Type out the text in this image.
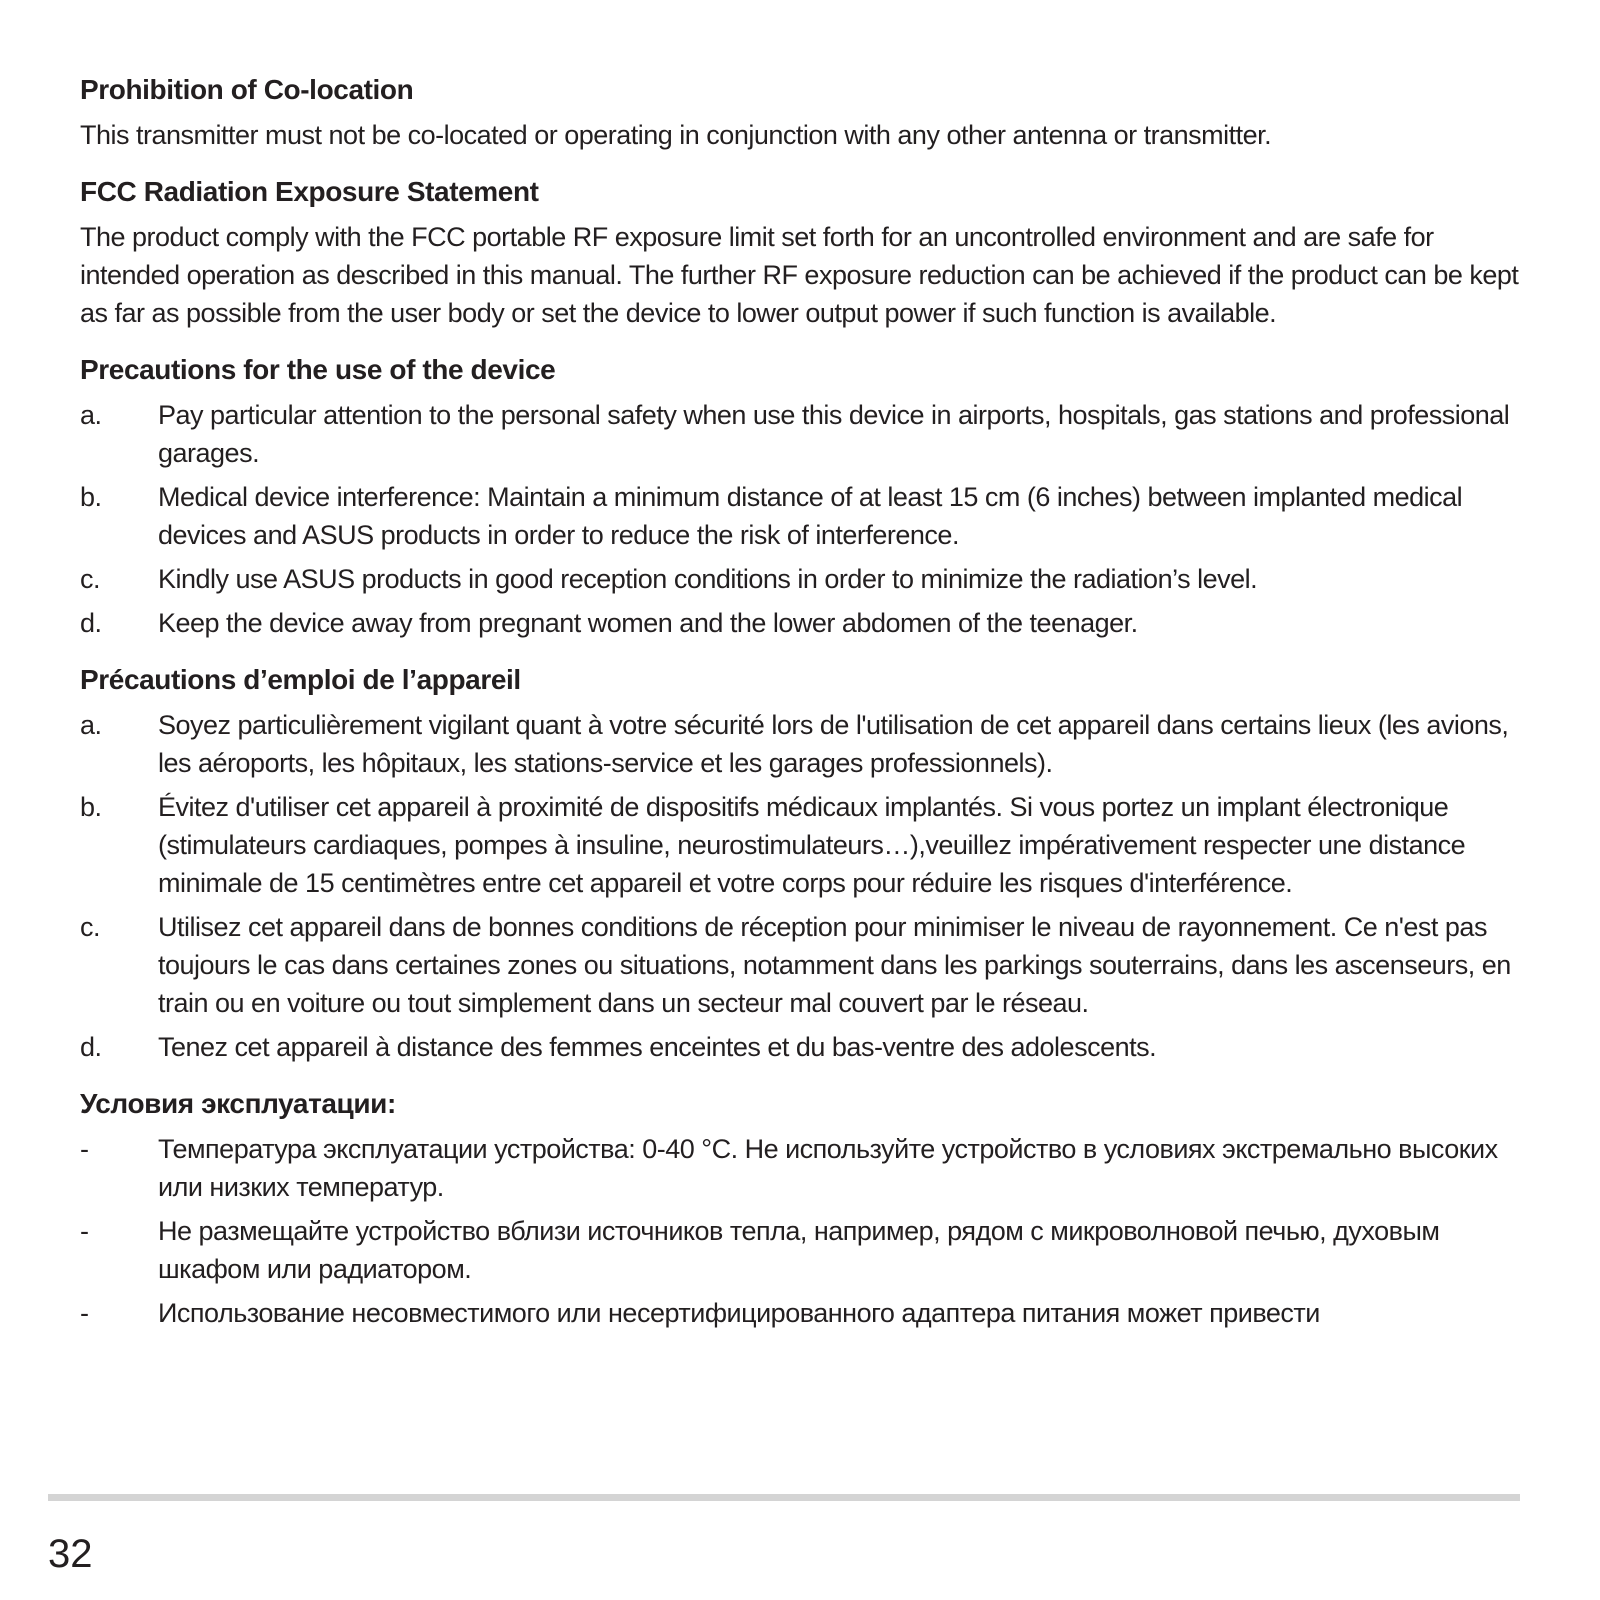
Prohibition of Co-location
This transmitter must not be co-located or operating in conjunction with any other antenna or transmitter.
FCC Radiation Exposure Statement
The product comply with the FCC portable RF exposure limit set forth for an uncontrolled environment and are safe for intended operation as described in this manual. The further RF exposure reduction can be achieved if the product can be kept as far as possible from the user body or set the device to lower output power if such function is available.
Precautions for the use of the device
a. Pay particular attention to the personal safety when use this device in airports, hospitals, gas stations and professional garages.
b. Medical device interference: Maintain a minimum distance of at least 15 cm (6 inches) between implanted medical devices and ASUS products in order to reduce the risk of interference.
c. Kindly use ASUS products in good reception conditions in order to minimize the radiation’s level.
d. Keep the device away from pregnant women and the lower abdomen of the teenager.
Précautions d’emploi de l’appareil
a. Soyez particulièrement vigilant quant à votre sécurité lors de l'utilisation de cet appareil dans certains lieux (les avions, les aéroports, les hôpitaux, les stations-service et les garages professionnels).
b. Évitez d'utiliser cet appareil à proximité de dispositifs médicaux implantés. Si vous portez un implant électronique (stimulateurs cardiaques, pompes à insuline, neurostimulateurs…),veuillez impérativement respecter une distance minimale de 15 centimètres entre cet appareil et votre corps pour réduire les risques d'interférence.
c. Utilisez cet appareil dans de bonnes conditions de réception pour minimiser le niveau de rayonnement. Ce n'est pas toujours le cas dans certaines zones ou situations, notamment dans les parkings souterrains, dans les ascenseurs, en train ou en voiture ou tout simplement dans un secteur mal couvert par le réseau.
d. Tenez cet appareil à distance des femmes enceintes et du bas-ventre des adolescents.
Условия эксплуатации:
-	Температура эксплуатации устройства: 0-40 °C. Не используйте устройство в условиях экстремально высоких или низких температур.
-	Не размещайте устройство вблизи источников тепла, например, рядом с микроволновой печью, духовым шкафом или радиатором.
-	Использование несовместимого или несертифицированного адаптера питания может привести
32
